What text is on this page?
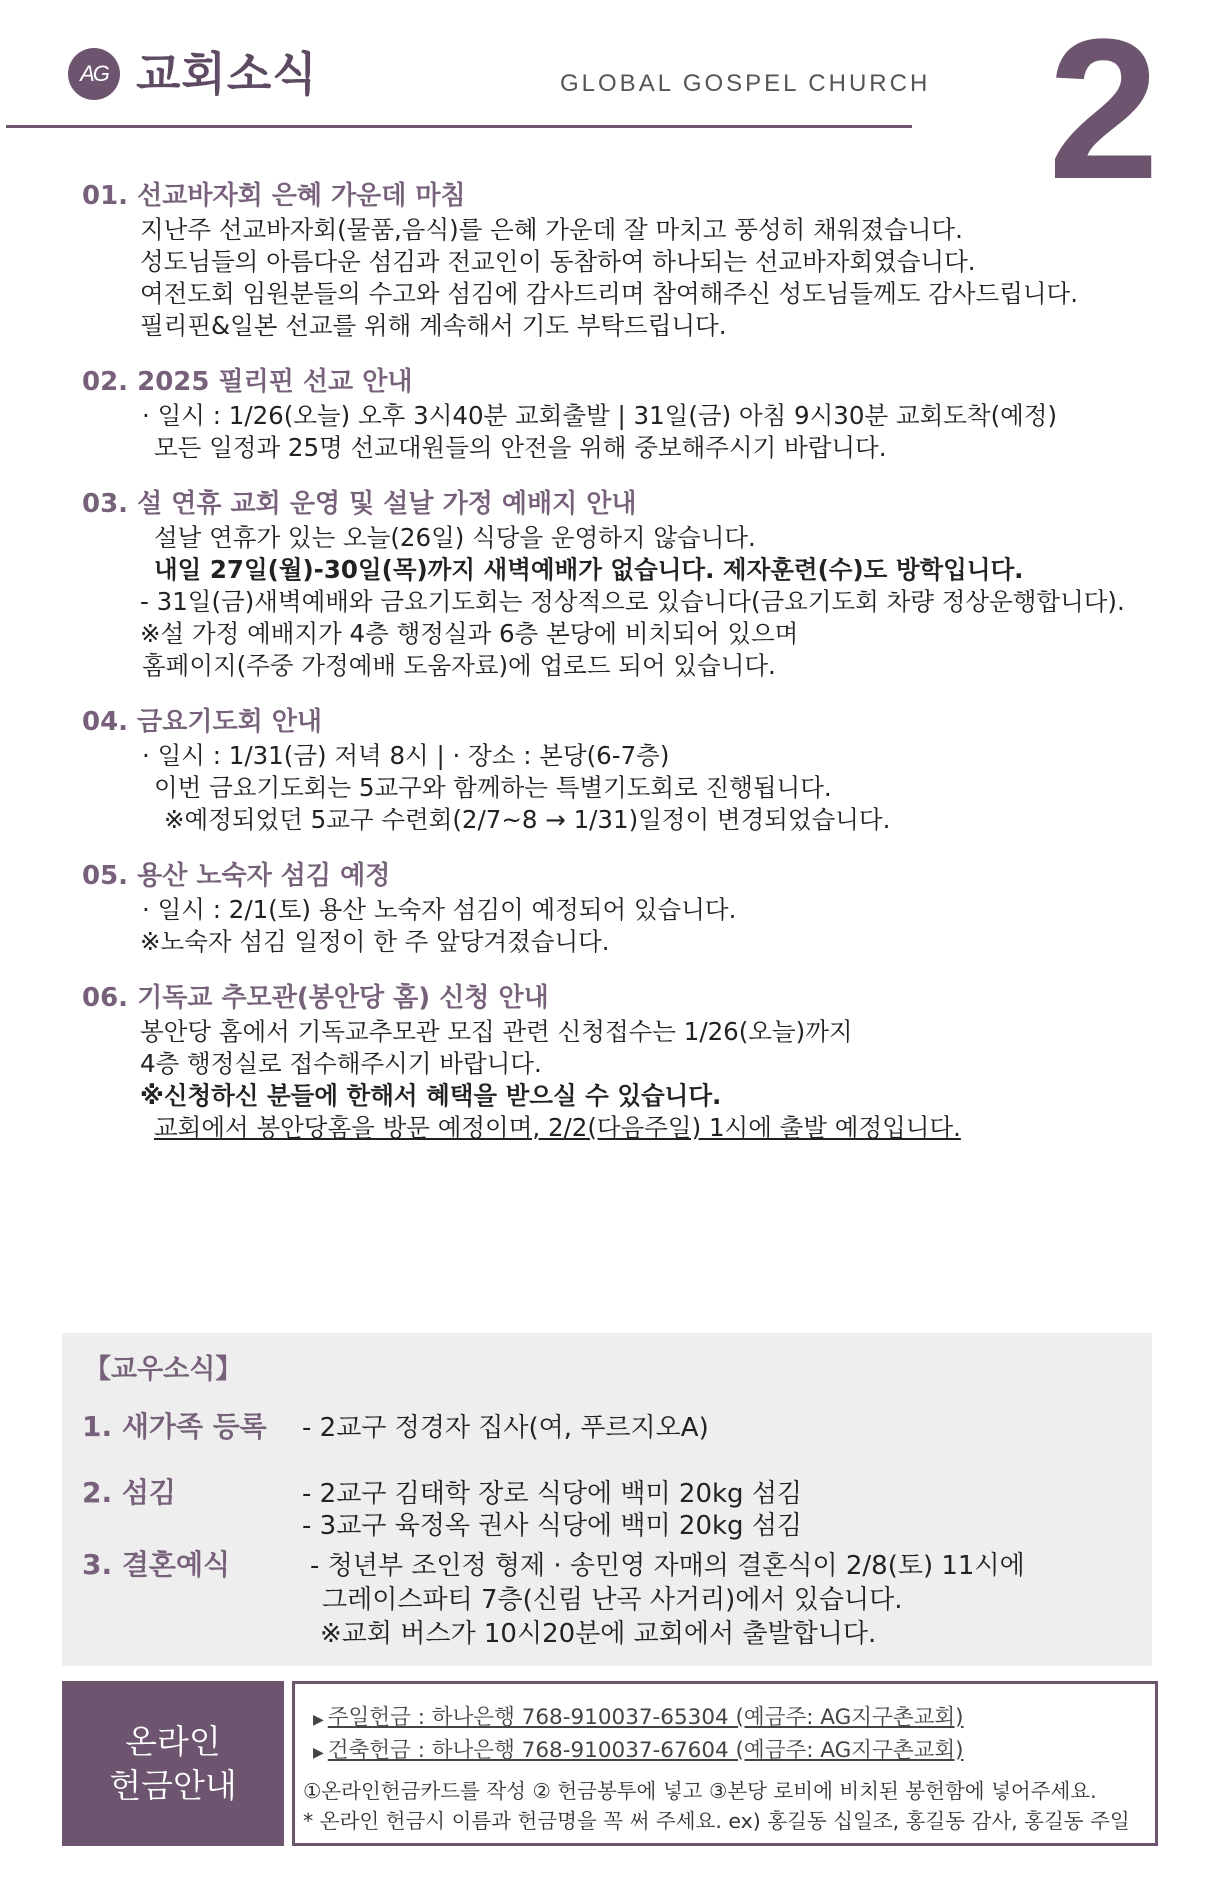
AG 교회소식	GLOBAL GOSPEL CHURCH 2
01. 선교바자회 은혜 가운데 마침
지난주 선교바자회(물품,음식)를 은혜 가운데 잘 마치고 풍성히 채워졌습니다.
성도님들의 아름다운 섬김과 전교인이 동참하여 하나되는 선교바자회였습니다.
여전도회 임원분들의 수고와 섬김에 감사드리며 참여해주신 성도님들께도 감사드립니다.
필리핀&일본 선교를 위해 계속해서 기도 부탁드립니다.
02. 2025 필리핀 선교 안내
· 일시 : 1/26(오늘) 오후 3시40분 교회출발 | 31일(금) 아침 9시30분 교회도착(예정)
모든 일정과 25명 선교대원들의 안전을 위해 중보해주시기 바랍니다.
03. 설 연휴 교회 운영 및 설날 가정 예배지 안내
설날 연휴가 있는 오늘(26일) 식당을 운영하지 않습니다.
내일 27일(월)-30일(목)까지 새벽예배가 없습니다. 제자훈련(수)도 방학입니다.
- 31일(금)새벽예배와 금요기도회는 정상적으로 있습니다(금요기도회 차량 정상운행합니다).
※설 가정 예배지가 4층 행정실과 6층 본당에 비치되어 있으며
홈페이지(주중 가정예배 도움자료)에 업로드 되어 있습니다.
04. 금요기도회 안내
· 일시 : 1/31(금) 저녁 8시 | · 장소 : 본당(6-7층)
이번 금요기도회는 5교구와 함께하는 특별기도회로 진행됩니다.
※예정되었던 5교구 수련회(2/7~8 → 1/31)일정이 변경되었습니다.
05. 용산 노숙자 섬김 예정
· 일시 : 2/1(토) 용산 노숙자 섬김이 예정되어 있습니다.
※노숙자 섬김 일정이 한 주 앞당겨졌습니다.
06. 기독교 추모관(봉안당 홈) 신청 안내
봉안당 홈에서 기독교추모관 모집 관련 신청접수는 1/26(오늘)까지
4층 행정실로 접수해주시기 바랍니다.
※신청하신 분들에 한해서 혜택을 받으실 수 있습니다.
교회에서 봉안당홈을 방문 예정이며, 2/2(다음주일) 1시에 출발 예정입니다.
【교우소식】
1. 새가족 등록 - 2교구 정경자 집사(여, 푸르지오A)
2. 섬김	- 2교구 김태학 장로 식당에 백미 20kg 섬김
- 3교구 육정옥 권사 식당에 백미 20kg 섬김
3. 결혼예식	- 청년부 조인정 형제 · 송민영 자매의 결혼식이 2/8(토) 11시에
그레이스파티 7층(신림 난곡 사거리)에서 있습니다.
※교회 버스가 10시20분에 교회에서 출발합니다.
온라인
헌금안내
▶ 주일헌금 : 하나은행 768-910037-65304 (예금주: AG지구촌교회)
▶ 건축헌금 : 하나은행 768-910037-67604 (예금주: AG지구촌교회)
①온라인헌금카드를 작성 ② 헌금봉투에 넣고 ③본당 로비에 비치된 봉헌함에 넣어주세요.
* 온라인 헌금시 이름과 헌금명을 꼭 써 주세요. ex) 홍길동 십일조, 홍길동 감사, 홍길동 주일
